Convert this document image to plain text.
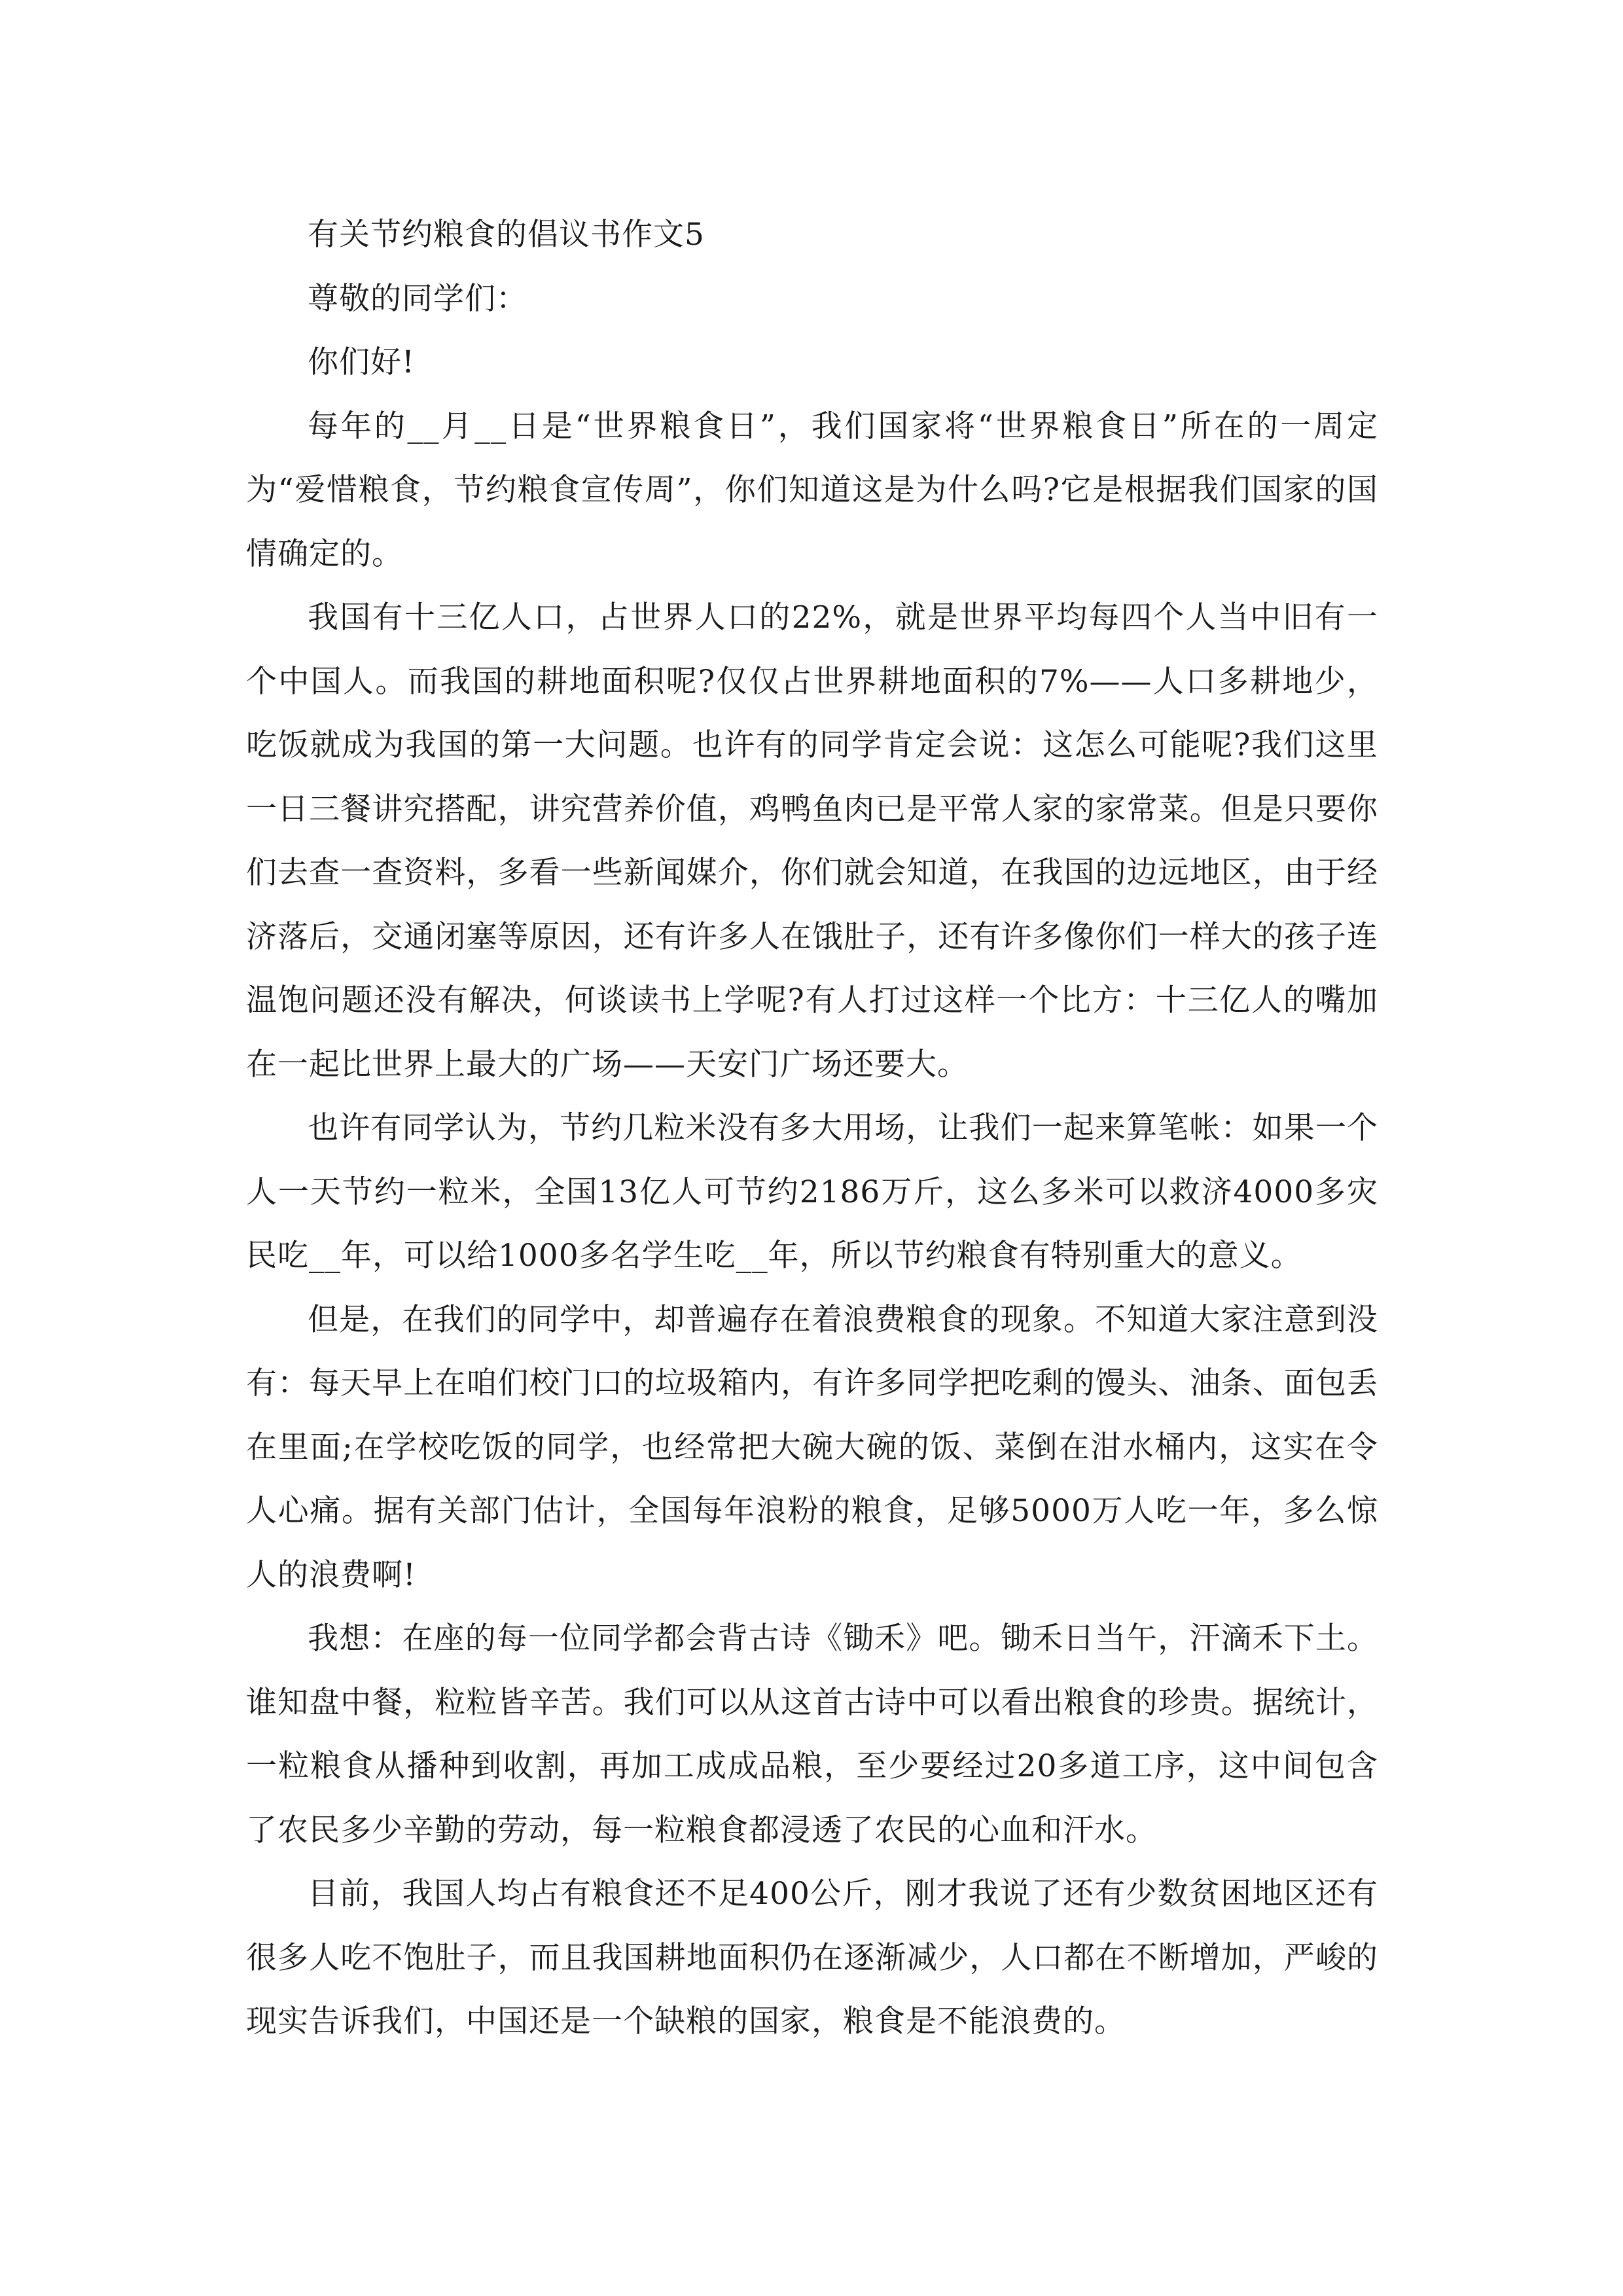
有关节约粮食的倡议书作文5

尊敬的同学们：

你们好!

每年的__月__日是“世界粮食日”，我们国家将“世界粮食日”所在的一周定为“爱惜粮食，节约粮食宣传周”，你们知道这是为什么吗?它是根据我们国家的国情确定的。

我国有十三亿人口，占世界人口的22%，就是世界平均每四个人当中旧有一个中国人。而我国的耕地面积呢?仅仅占世界耕地面积的7%——人口多耕地少，吃饭就成为我国的第一大问题。也许有的同学肯定会说：这怎么可能呢?我们这里一日三餐讲究搭配，讲究营养价值，鸡鸭鱼肉已是平常人家的家常菜。但是只要你们去查一查资料，多看一些新闻媒介，你们就会知道，在我国的边远地区，由于经济落后，交通闭塞等原因，还有许多人在饿肚子，还有许多像你们一样大的孩子连温饱问题还没有解决，何谈读书上学呢?有人打过这样一个比方：十三亿人的嘴加在一起比世界上最大的广场——天安门广场还要大。

也许有同学认为，节约几粒米没有多大用场，让我们一起来算笔帐：如果一个人一天节约一粒米，全国13亿人可节约2186万斤，这么多米可以救济4000多灾民吃__年，可以给1000多名学生吃__年，所以节约粮食有特别重大的意义。

但是，在我们的同学中，却普遍存在着浪费粮食的现象。不知道大家注意到没有：每天早上在咱们校门口的垃圾箱内，有许多同学把吃剩的馒头、油条、面包丢在里面;在学校吃饭的同学，也经常把大碗大碗的饭、菜倒在泔水桶内，这实在令人心痛。据有关部门估计，全国每年浪粉的粮食，足够5000万人吃一年，多么惊人的浪费啊!

我想：在座的每一位同学都会背古诗《锄禾》吧。锄禾日当午，汗滴禾下土。谁知盘中餐，粒粒皆辛苦。我们可以从这首古诗中可以看出粮食的珍贵。据统计，一粒粮食从播种到收割，再加工成成品粮，至少要经过20多道工序，这中间包含了农民多少辛勤的劳动，每一粒粮食都浸透了农民的心血和汗水。

目前，我国人均占有粮食还不足400公斤，刚才我说了还有少数贫困地区还有很多人吃不饱肚子，而且我国耕地面积仍在逐渐减少，人口都在不断增加，严峻的现实告诉我们，中国还是一个缺粮的国家，粮食是不能浪费的。
